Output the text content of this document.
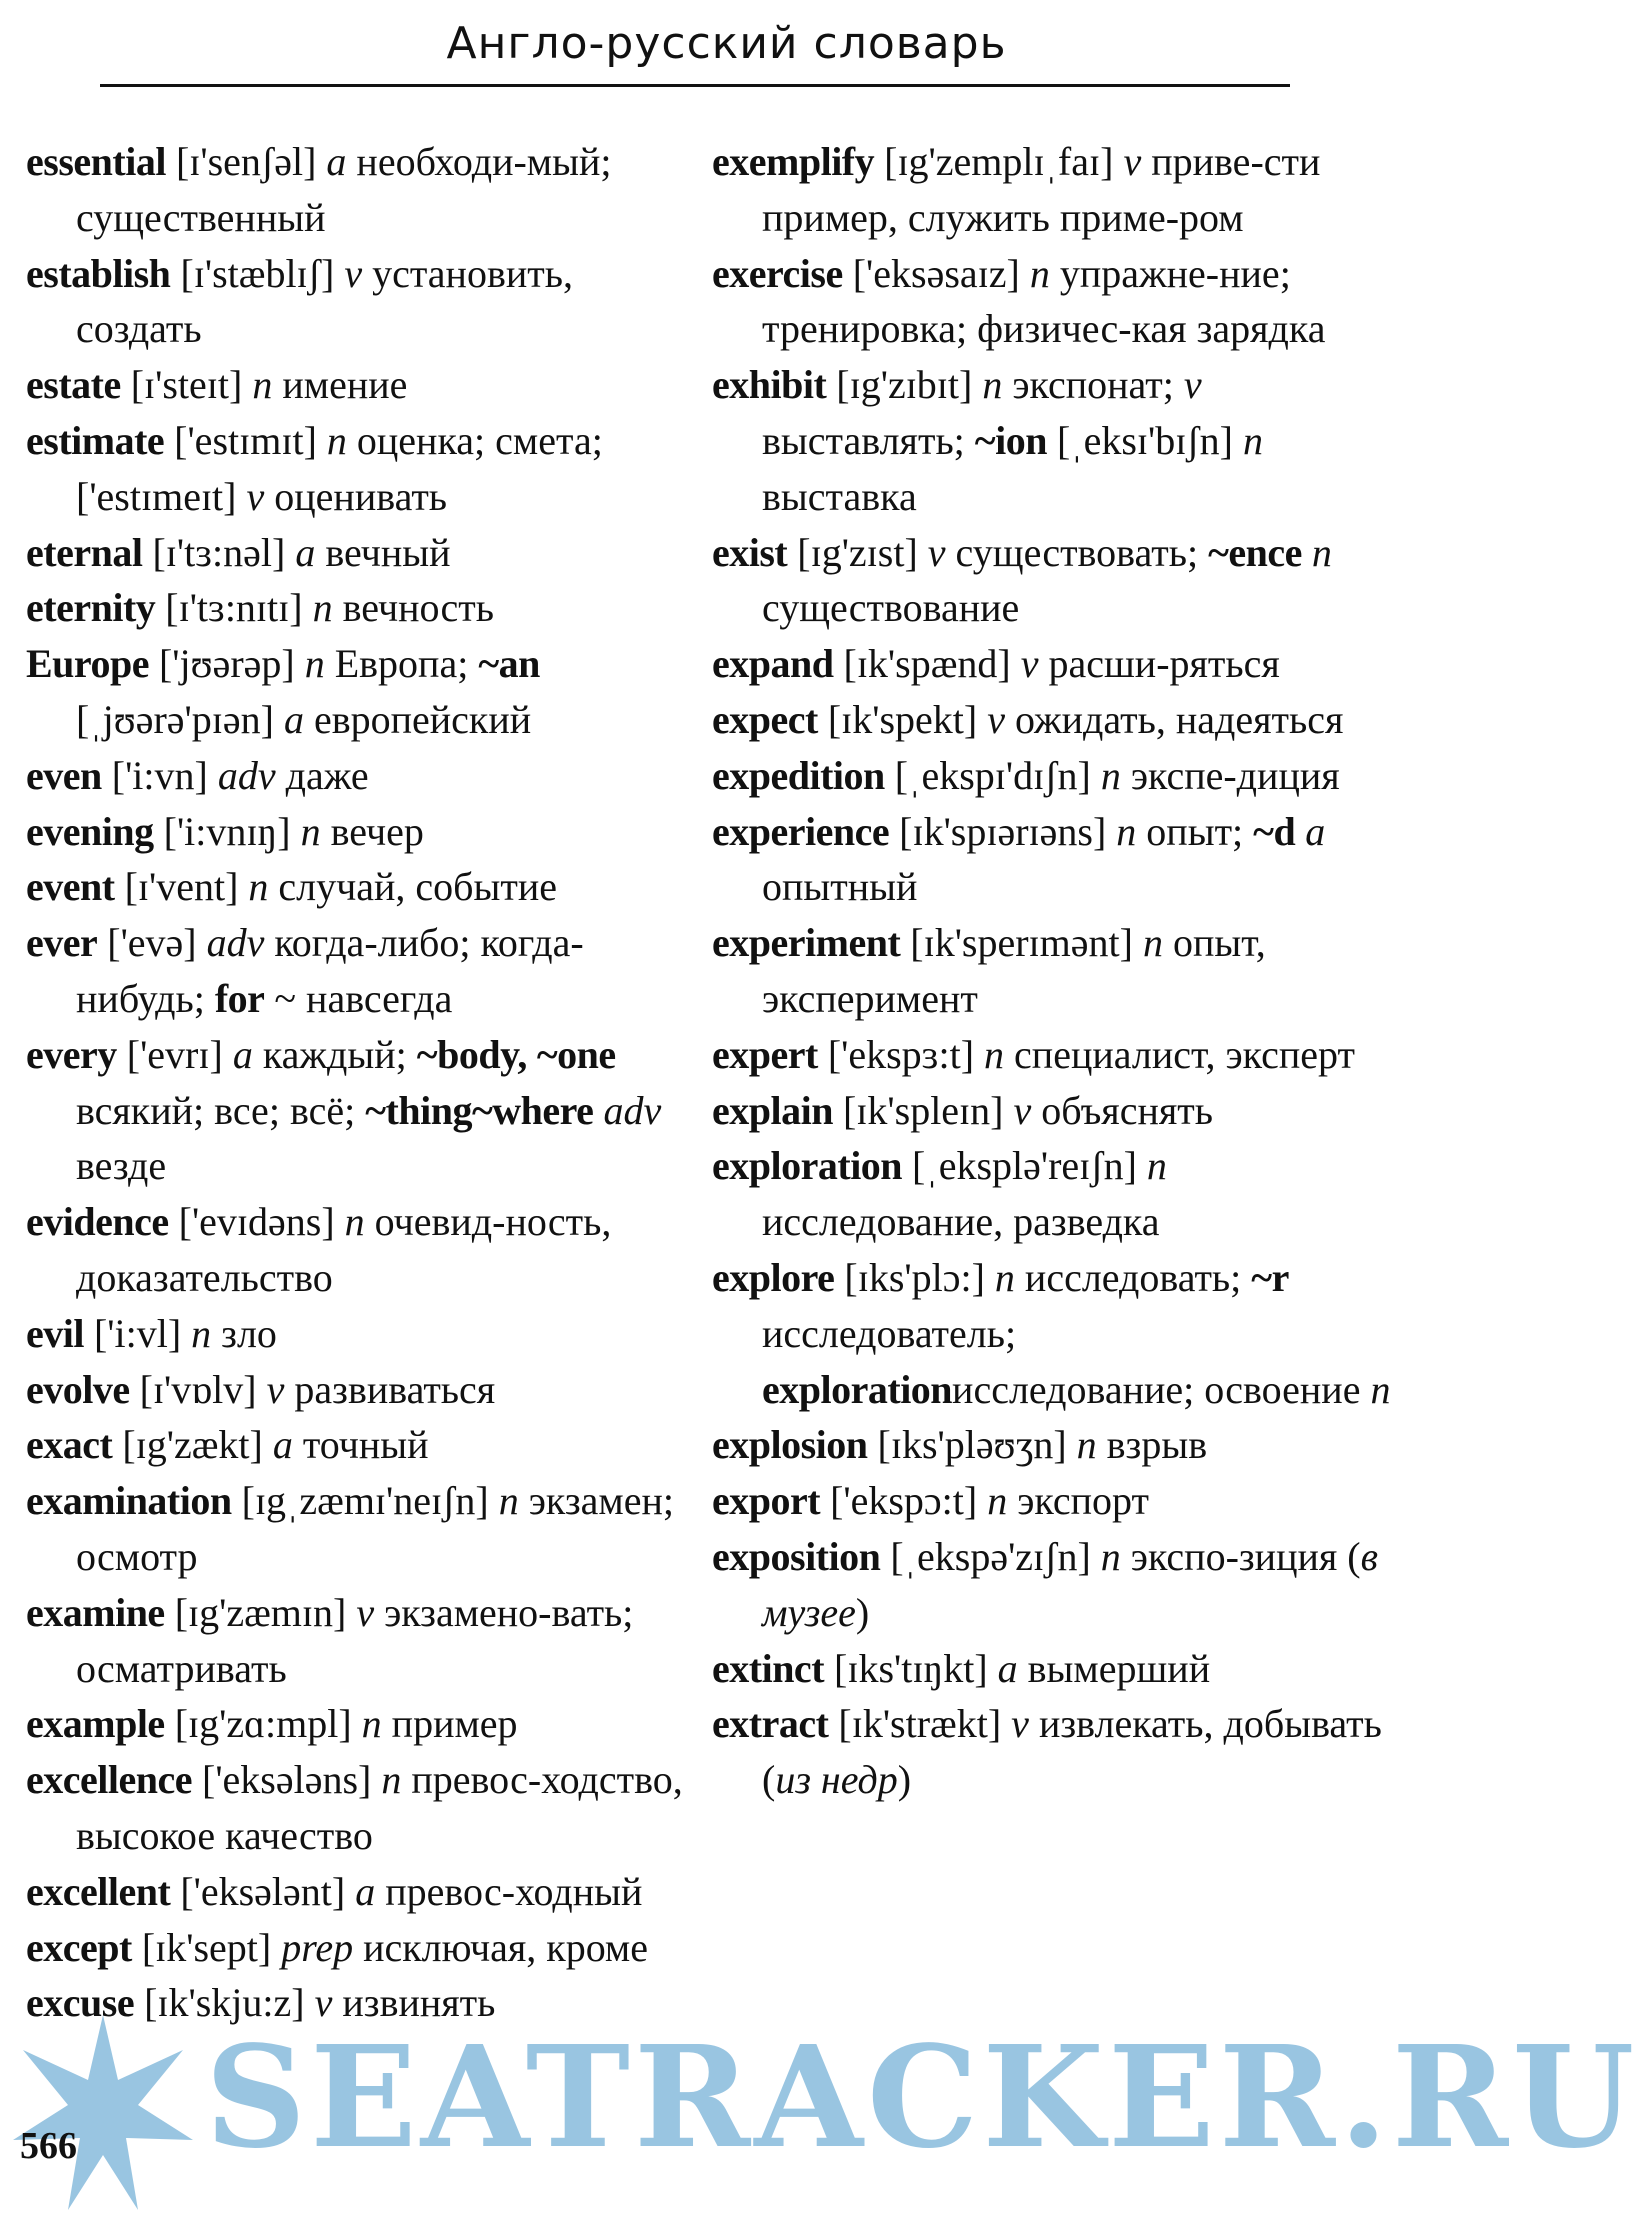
Англо-русский словарь

essential [ɪ'senʃəl] a необходи-мый; существенный

establish [ɪ'stæblɪʃ] v установить, создать

estate [ɪ'steɪt] n имение

estimate ['estɪmɪt] n оценка; смета; ['estɪmeɪt] v оценивать

eternal [ɪ'tɜ:nəl] a вечный

eternity [ɪ'tɜ:nɪtɪ] n вечность

Europe ['jʊərəp] n Европа; ~an [ˌjʊərə'pɪən] a европейский

even ['i:vn] adv даже

evening ['i:vnɪŋ] n вечер

event [ɪ'vent] n случай, событие

ever ['evə] adv когда-либо; когда-нибудь; for ~ навсегда

every ['evrɪ] a каждый; ~body, ~one всякий; все; всё; ~thing~where adv везде

evidence ['evɪdəns] n очевид-ность, доказательство

evil ['i:vl] n зло

evolve [ɪ'vɒlv] v развиваться

exact [ɪg'zækt] a точный

examination [ɪgˌzæmɪ'neɪʃn] n экзамен; осмотр

examine [ɪg'zæmɪn] v экзамено-вать; осматривать

example [ɪg'zɑ:mpl] n пример

excellence ['eksələns] n превос-ходство, высокое качество

excellent ['eksələnt] a превос-ходный

except [ɪk'sept] prep исключая, кроме

excuse [ɪk'skju:z] v извинять

exemplify [ɪg'zemplɪˌfaɪ] v приве-сти пример, служить приме-ром

exercise ['eksəsaɪz] n упражне-ние; тренировка; физичес-кая зарядка

exhibit [ɪg'zɪbɪt] n экспонат; v выставлять; ~ion [ˌeksɪ'bɪʃn] n выставка

exist [ɪg'zɪst] v существовать; ~ence n существование

expand [ɪk'spænd] v расши-ряться

expect [ɪk'spekt] v ожидать, надеяться

expedition [ˌekspɪ'dɪʃn] n экспе-диция

experience [ɪk'spɪərɪəns] n опыт; ~d a опытный

experiment [ɪk'sperɪmənt] n опыт, эксперимент

expert ['ekspɜ:t] n специалист, эксперт

explain [ɪk'spleɪn] v объяснять

exploration [ˌeksplə'reɪʃn] n исследование, разведка

explore [ɪks'plɔ:] n исследовать; ~r исследователь; explorationисследование; освоение n

explosion [ɪks'pləʊʒn] n взрыв

export ['ekspɔ:t] n экспорт

exposition [ˌekspə'zɪʃn] n экспо-зиция (в музее)

extinct [ɪks'tɪŋkt] a вымерший

extract [ɪk'strækt] v извлекать, добывать (из недр)

SEATRACKER.RU
566
